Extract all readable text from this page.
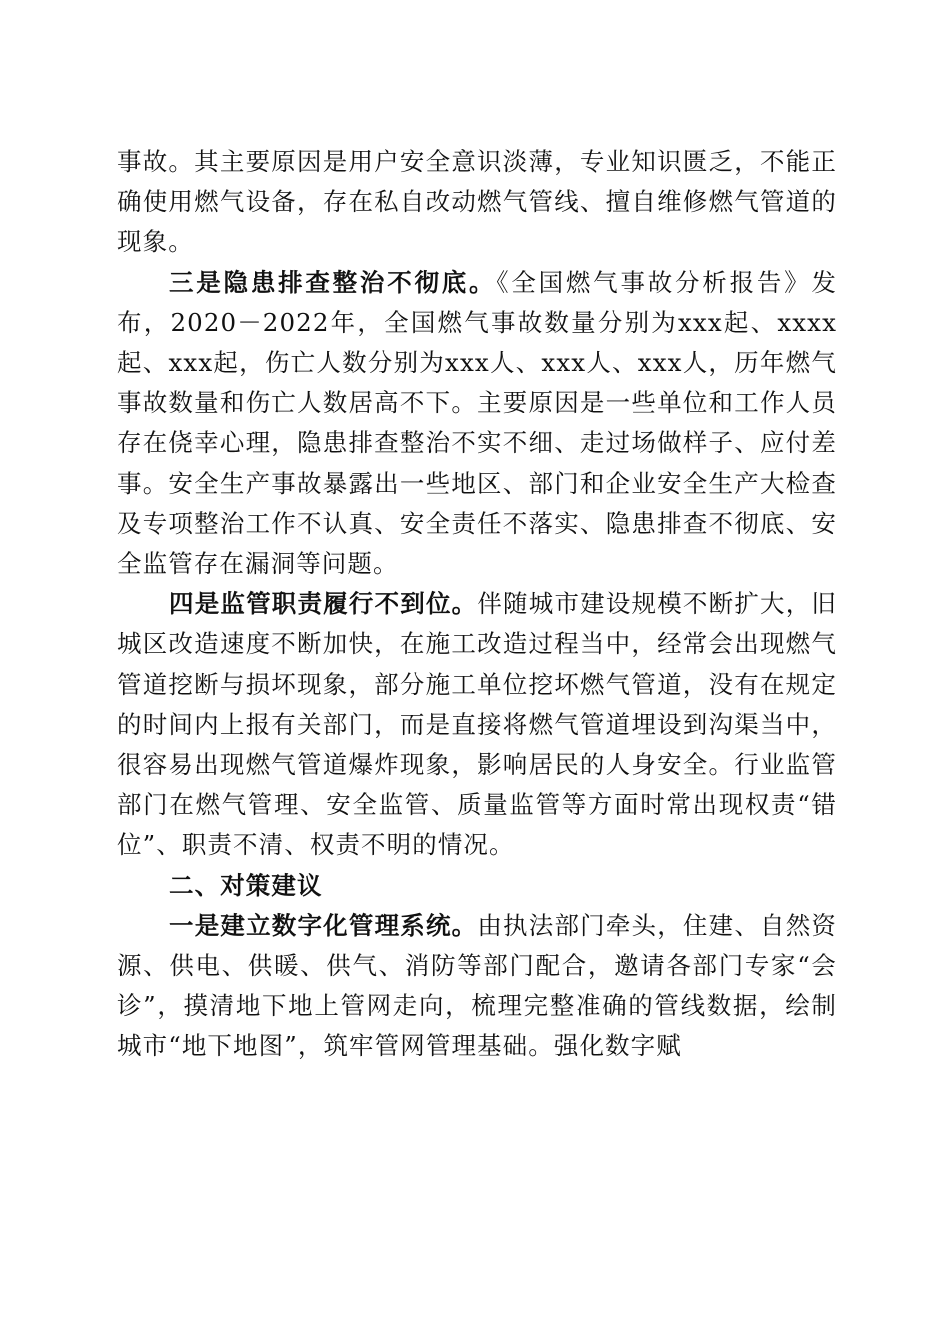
事故。其主要原因是用户安全意识淡薄，专业知识匮乏，不能正确使用燃气设备，存在私自改动燃气管线、擅自维修燃气管道的现象。

三是隐患排查整治不彻底。《全国燃气事故分析报告》发布，2020－2022年，全国燃气事故数量分别为xxx起、xxxx起、xxx起，伤亡人数分别为xxx人、xxx人、xxx人，历年燃气事故数量和伤亡人数居高不下。主要原因是一些单位和工作人员存在侥幸心理，隐患排查整治不实不细、走过场做样子、应付差事。安全生产事故暴露出一些地区、部门和企业安全生产大检查及专项整治工作不认真、安全责任不落实、隐患排查不彻底、安全监管存在漏洞等问题。

四是监管职责履行不到位。伴随城市建设规模不断扩大，旧城区改造速度不断加快，在施工改造过程当中，经常会出现燃气管道挖断与损坏现象，部分施工单位挖坏燃气管道，没有在规定的时间内上报有关部门，而是直接将燃气管道埋设到沟渠当中，很容易出现燃气管道爆炸现象，影响居民的人身安全。行业监管部门在燃气管理、安全监管、质量监管等方面时常出现权责“错位”、职责不清、权责不明的情况。

二、对策建议

一是建立数字化管理系统。由执法部门牵头，住建、自然资源、供电、供暖、供气、消防等部门配合，邀请各部门专家“会诊”，摸清地下地上管网走向，梳理完整准确的管线数据，绘制城市“地下地图”，筑牢管网管理基础。强化数字赋
